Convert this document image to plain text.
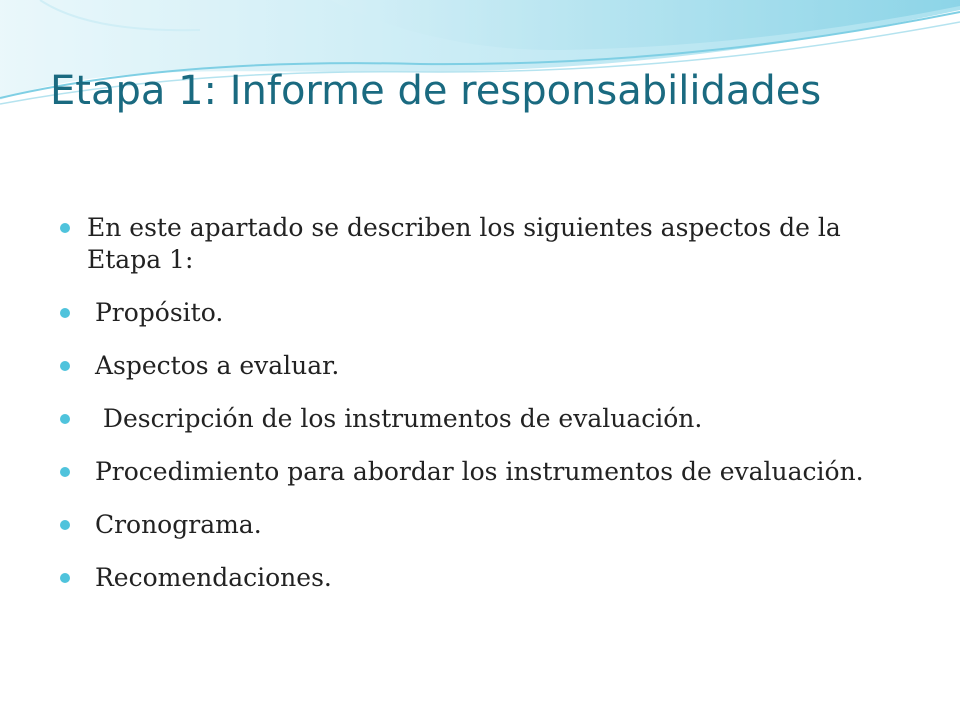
Etapa 1: Informe de responsabilidades
En este apartado se describen los siguientes aspectos de la Etapa 1:
Propósito.
Aspectos a evaluar.
Descripción de los instrumentos de evaluación.
Procedimiento para abordar los instrumentos de evaluación.
Cronograma.
Recomendaciones.
